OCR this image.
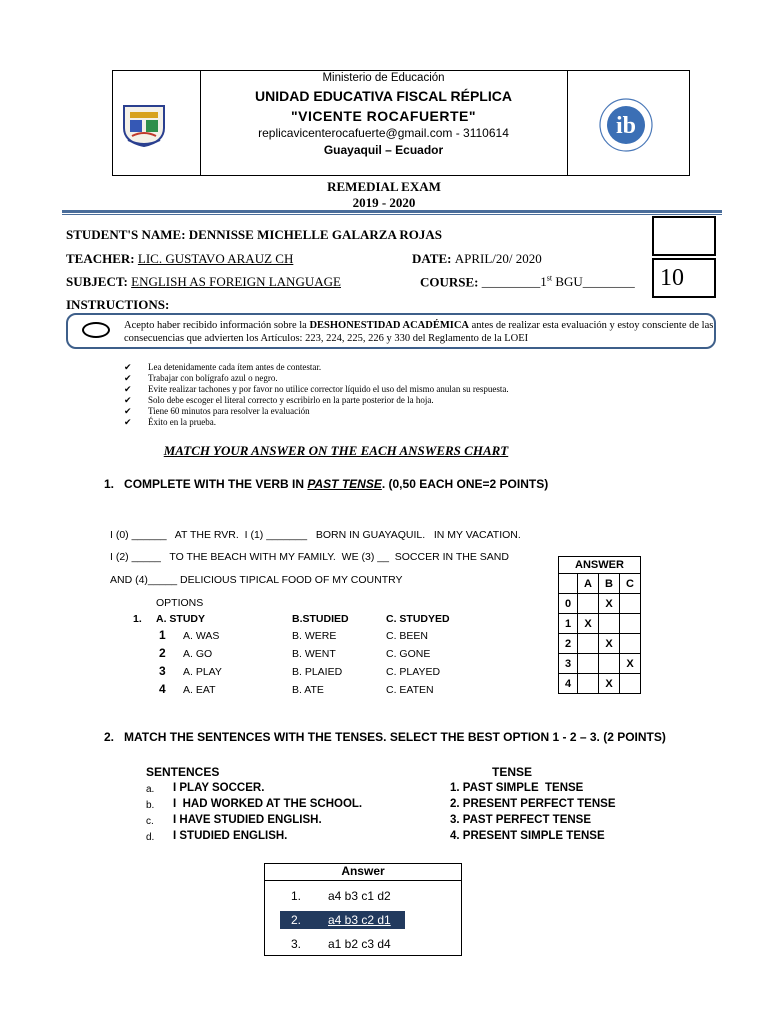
ib
Ministerio de Educación
UNIDAD EDUCATIVA FISCAL RÉPLICA
"VICENTE ROCAFUERTE"
replicavicenterocafuerte@gmail.com - 3110614
Guayaquil – Ecuador
REMEDIAL EXAM
2019 - 2020
STUDENT'S NAME: DENNISSE MICHELLE GALARZA ROJAS
TEACHER: LIC. GUSTAVO ARAUZ CH	DATE: APRIL/20/ 2020
SUBJECT: ENGLISH AS FOREIGN LANGUAGE	COURSE: _________1st BGU________
INSTRUCTIONS:
10
Acepto haber recibido información sobre la DESHONESTIDAD ACADÉMICA antes de realizar esta evaluación y estoy consciente de las consecuencias que advierten los Artículos: 223, 224, 225, 226 y 330 del Reglamento de la LOEI
✔ Lea detenidamente cada ítem antes de contestar.
✔ Trabajar con bolígrafo azul o negro.
✔ Evite realizar tachones y por favor no utilice corrector líquido el uso del mismo anulan su respuesta.
✔ Solo debe escoger el literal correcto y escribirlo en la parte posterior de la hoja.
✔ Tiene 60 minutos para resolver la evaluación
✔ Éxito en la prueba.
MATCH YOUR ANSWER ON THE EACH ANSWERS CHART
1. COMPLETE WITH THE VERB IN PAST TENSE. (0,50 EACH ONE=2 POINTS)
I (0) ______   AT THE RVR.  I (1) _______   BORN IN GUAYAQUIL.   IN MY VACATION.
I (2) _____   TO THE BEACH WITH MY FAMILY.  WE (3) __  SOCCER IN THE SAND
AND (4)_____ DELICIOUS TIPICAL FOOD OF MY COUNTRY
OPTIONS
1. A. STUDY	B.STUDIED	C. STUDYED
1 A. WAS	B. WERE	C. BEEN
2 A. GO	B. WENT	C. GONE
3 A. PLAY	B. PLAIED	C. PLAYED
4 A. EAT	B. ATE	C. EATEN
ANSWER			
	A	B	C
0		X	
1	X		
2		X	
3			X
4		X	
2. MATCH THE SENTENCES WITH THE TENSES. SELECT THE BEST OPTION 1 - 2 – 3. (2 POINTS)
SENTENCES	TENSE
a. I PLAY SOCCER.
b. I  HAD WORKED AT THE SCHOOL.
c. I HAVE STUDIED ENGLISH.
d. I STUDIED ENGLISH.
1. PAST SIMPLE  TENSE
2. PRESENT PERFECT TENSE
3. PAST PERFECT TENSE
4. PRESENT SIMPLE TENSE
Answer
1. a4 b3 c1 d2
2. a4 b3 c2 d1
3. a1 b2 c3 d4
